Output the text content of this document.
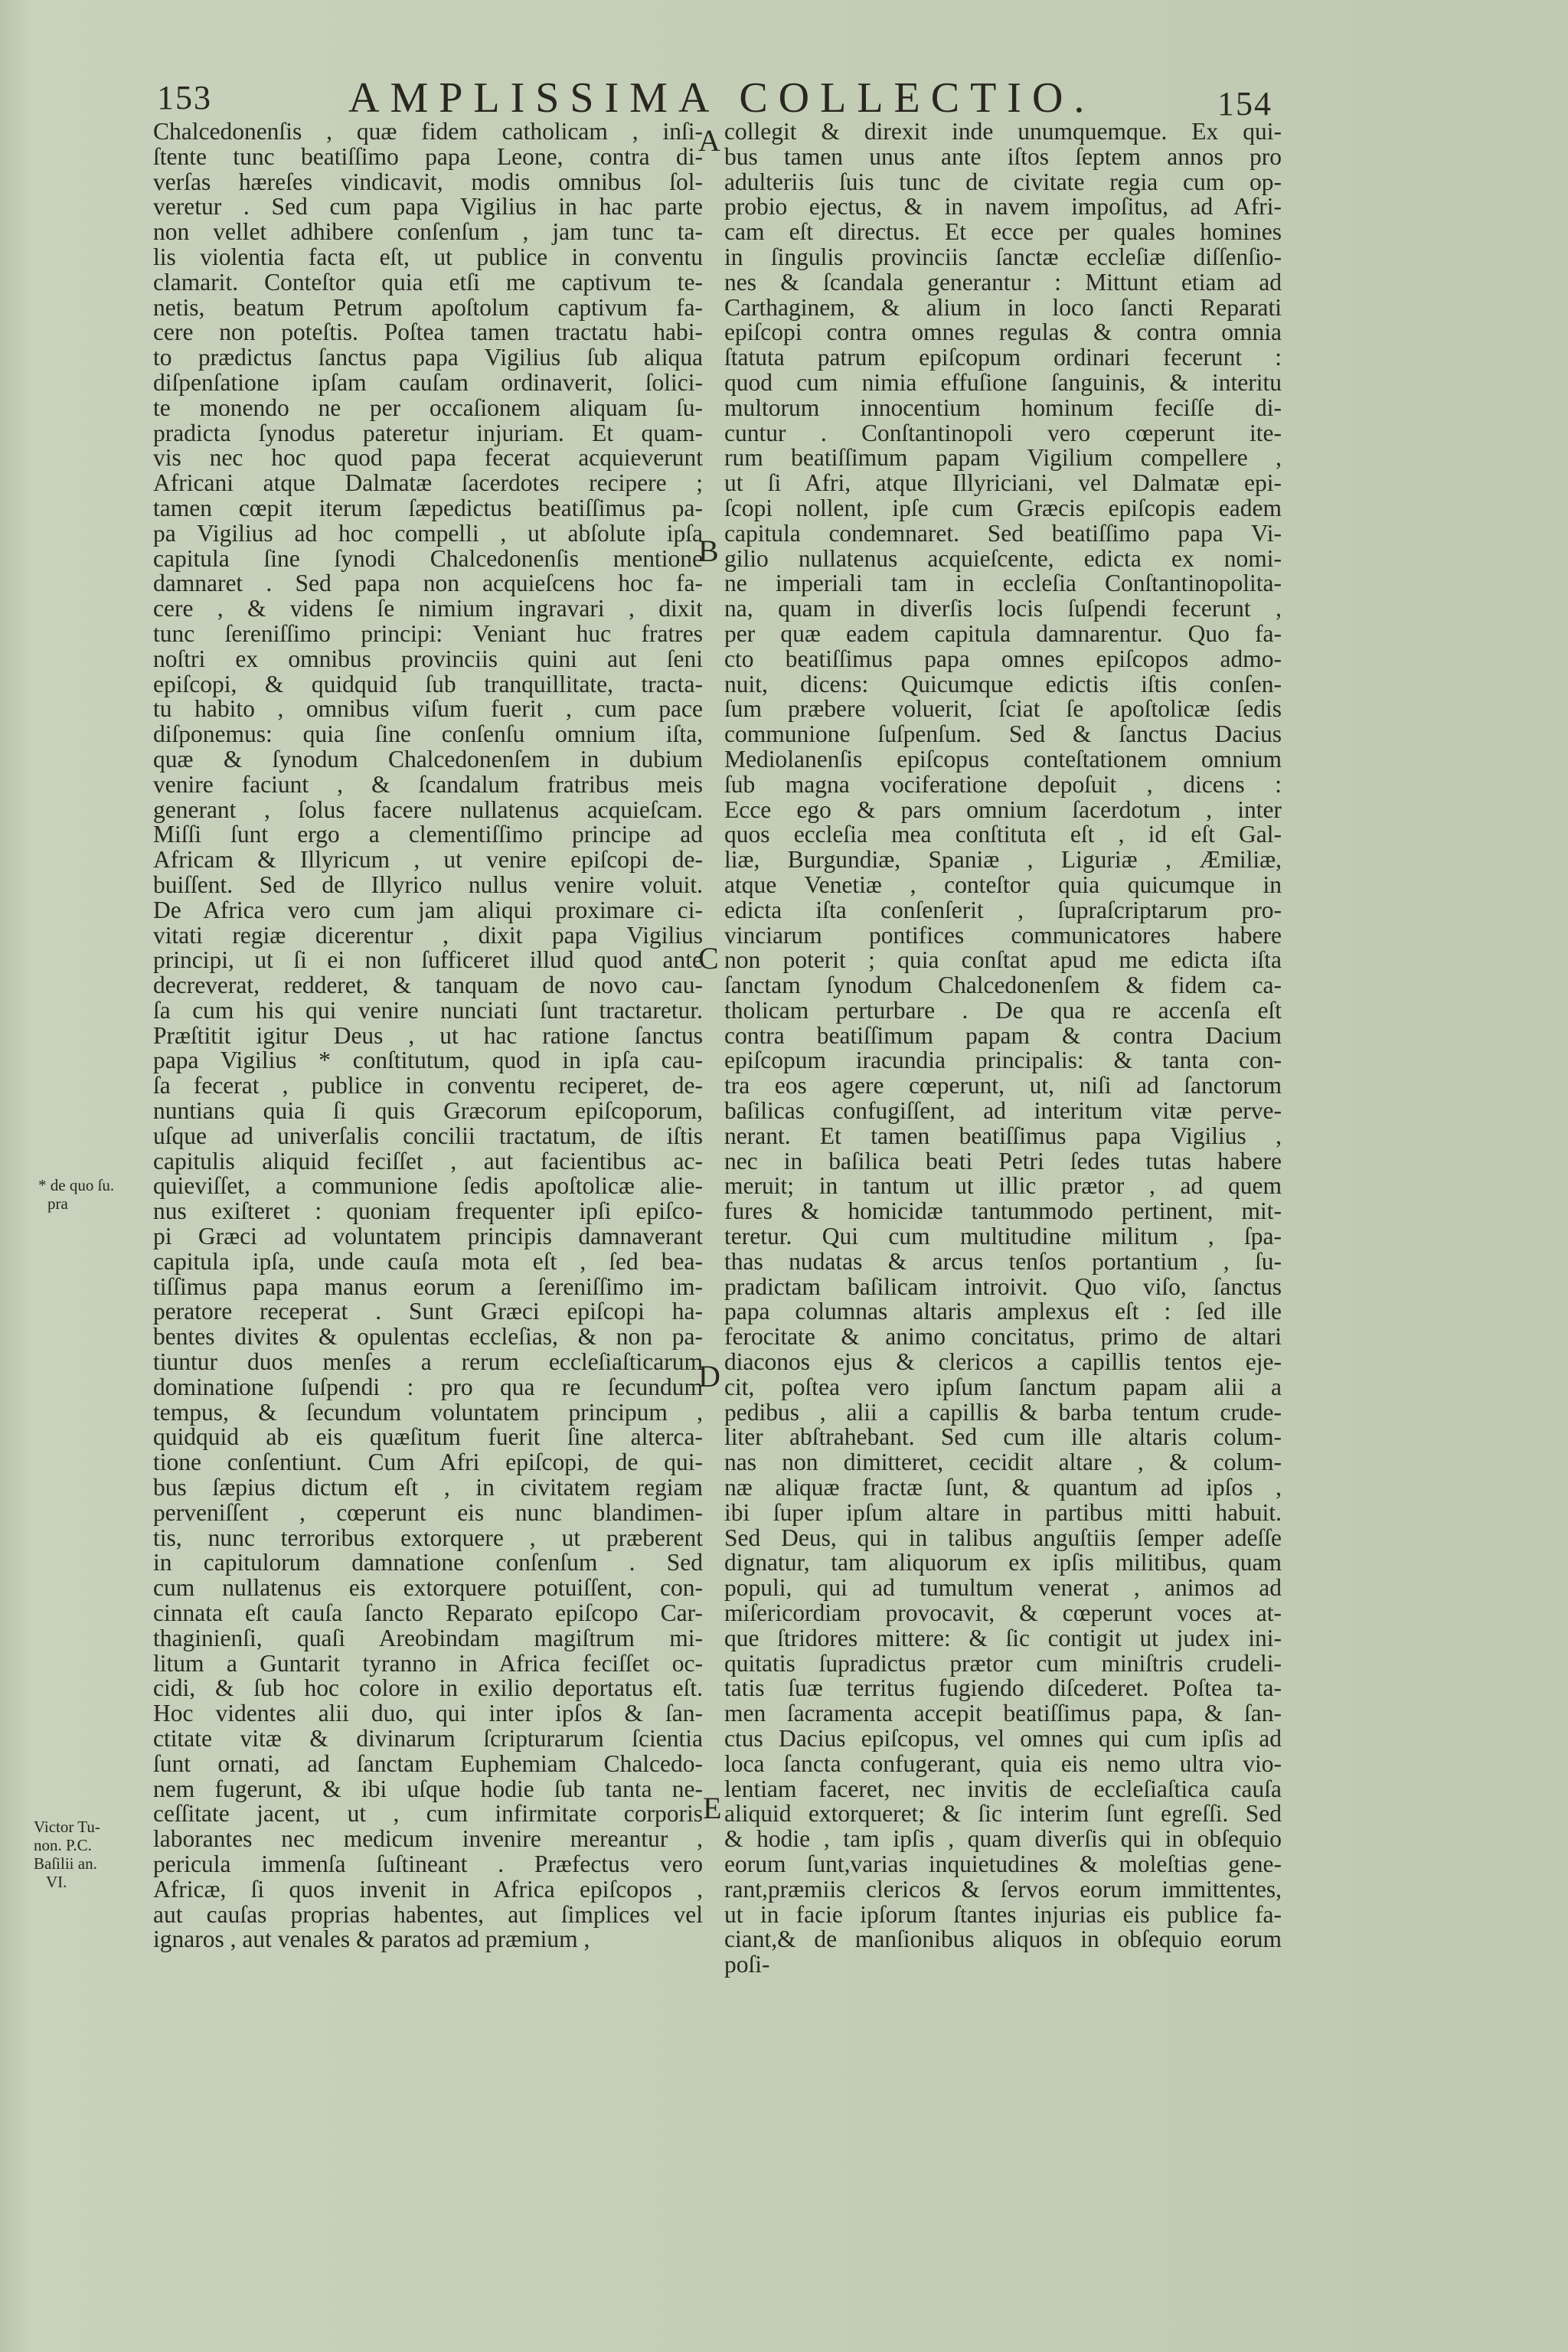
153	AMPLISSIMA COLLECTIO.	154
Chalcedonenſis , quæ fidem catholicam , inſi-
ſtente tunc beatiſſimo papa Leone, contra di-
verſas hæreſes vindicavit, modis omnibus ſol-
veretur . Sed cum papa Vigilius in hac parte
non vellet adhibere conſenſum , jam tunc ta-
lis violentia facta eſt, ut publice in conventu
clamarit. Conteſtor quia etſi me captivum te-
netis, beatum Petrum apoſtolum captivum fa-
cere non poteſtis. Poſtea tamen tractatu habi-
to prædictus ſanctus papa Vigilius ſub aliqua
diſpenſatione ipſam cauſam ordinaverit, ſolici-
te monendo ne per occaſionem aliquam ſu-
pradicta ſynodus pateretur injuriam. Et quam-
vis nec hoc quod papa fecerat acquieverunt
Africani atque Dalmatæ ſacerdotes recipere ;
tamen cœpit iterum ſæpedictus beatiſſimus pa-
pa Vigilius ad hoc compelli , ut abſolute ipſa
capitula ſine ſynodi Chalcedonenſis mentione
damnaret . Sed papa non acquieſcens hoc fa-
cere , & videns ſe nimium ingravari , dixit
tunc ſereniſſimo principi: Veniant huc fratres
noſtri ex omnibus provinciis quini aut ſeni
epiſcopi, & quidquid ſub tranquillitate, tracta-
tu habito , omnibus viſum fuerit , cum pace
diſponemus: quia ſine conſenſu omnium iſta,
quæ & ſynodum Chalcedonenſem in dubium
venire faciunt , & ſcandalum fratribus meis
generant , ſolus facere nullatenus acquieſcam.
Miſſi ſunt ergo a clementiſſimo principe ad
Africam & Illyricum , ut venire epiſcopi de-
buiſſent. Sed de Illyrico nullus venire voluit.
De Africa vero cum jam aliqui proximare ci-
vitati regiæ dicerentur , dixit papa Vigilius
principi, ut ſi ei non ſufficeret illud quod ante
decreverat, redderet, & tanquam de novo cau-
ſa cum his qui venire nunciati ſunt tractaretur.
Præſtitit igitur Deus , ut hac ratione ſanctus
papa Vigilius * conſtitutum, quod in ipſa cau-
ſa fecerat , publice in conventu reciperet, de-
nuntians quia ſi quis Græcorum epiſcoporum,
uſque ad univerſalis concilii tractatum, de iſtis
capitulis aliquid feciſſet , aut facientibus ac-
quieviſſet, a communione ſedis apoſtolicæ alie-
nus exiſteret : quoniam frequenter ipſi epiſco-
pi Græci ad voluntatem principis damnaverant
capitula ipſa, unde cauſa mota eſt , ſed bea-
tiſſimus papa manus eorum a ſereniſſimo im-
peratore receperat . Sunt Græci epiſcopi ha-
bentes divites & opulentas eccleſias, & non pa-
tiuntur duos menſes a rerum eccleſiaſticarum
dominatione ſuſpendi : pro qua re ſecundum
tempus, & ſecundum voluntatem principum ,
quidquid ab eis quæſitum fuerit ſine alterca-
tione conſentiunt. Cum Afri epiſcopi, de qui-
bus ſæpius dictum eſt , in civitatem regiam
perveniſſent , cœperunt eis nunc blandimen-
tis, nunc terroribus extorquere , ut præberent
in capitulorum damnatione conſenſum . Sed
cum nullatenus eis extorquere potuiſſent, con-
cinnata eſt cauſa ſancto Reparato epiſcopo Car-
thaginienſi, quaſi Areobindam magiſtrum mi-
litum a Guntarit tyranno in Africa feciſſet oc-
cidi, & ſub hoc colore in exilio deportatus eſt.
Hoc videntes alii duo, qui inter ipſos & ſan-
ctitate vitæ & divinarum ſcripturarum ſcientia
ſunt ornati, ad ſanctam Euphemiam Chalcedo-
nem fugerunt, & ibi uſque hodie ſub tanta ne-
ceſſitate jacent, ut , cum infirmitate corporis
laborantes nec medicum invenire mereantur ,
pericula immenſa ſuſtineant . Præfectus vero
Africæ, ſi quos invenit in Africa epiſcopos ,
aut cauſas proprias habentes, aut ſimplices vel
ignaros , aut venales & paratos ad præmium ,
collegit & direxit inde unumquemque. Ex qui-
bus tamen unus ante iſtos ſeptem annos pro
adulteriis ſuis tunc de civitate regia cum op-
probio ejectus, & in navem impoſitus, ad Afri-
cam eſt directus. Et ecce per quales homines
in ſingulis provinciis ſanctæ eccleſiæ diſſenſio-
nes & ſcandala generantur : Mittunt etiam ad
Carthaginem, & alium in loco ſancti Reparati
epiſcopi contra omnes regulas & contra omnia
ſtatuta patrum epiſcopum ordinari fecerunt :
quod cum nimia effuſione ſanguinis, & interitu
multorum innocentium hominum feciſſe di-
cuntur . Conſtantinopoli vero cœperunt ite-
rum beatiſſimum papam Vigilium compellere ,
ut ſi Afri, atque Illyriciani, vel Dalmatæ epi-
ſcopi nollent, ipſe cum Græcis epiſcopis eadem
capitula condemnaret. Sed beatiſſimo papa Vi-
gilio nullatenus acquieſcente, edicta ex nomi-
ne imperiali tam in eccleſia Conſtantinopolita-
na, quam in diverſis locis ſuſpendi fecerunt ,
per quæ eadem capitula damnarentur. Quo fa-
cto beatiſſimus papa omnes epiſcopos admo-
nuit, dicens: Quicumque edictis iſtis conſen-
ſum præbere voluerit, ſciat ſe apoſtolicæ ſedis
communione ſuſpenſum. Sed & ſanctus Dacius
Mediolanenſis epiſcopus conteſtationem omnium
ſub magna vociferatione depoſuit , dicens :
Ecce ego & pars omnium ſacerdotum , inter
quos eccleſia mea conſtituta eſt , id eſt Gal-
liæ, Burgundiæ, Spaniæ , Liguriæ , Æmiliæ,
atque Venetiæ , conteſtor quia quicumque in
edicta iſta conſenſerit , ſupraſcriptarum pro-
vinciarum pontifices communicatores habere
non poterit ; quia conſtat apud me edicta iſta
ſanctam ſynodum Chalcedonenſem & fidem ca-
tholicam perturbare . De qua re accenſa eſt
contra beatiſſimum papam & contra Dacium
epiſcopum iracundia principalis: & tanta con-
tra eos agere cœperunt, ut, niſi ad ſanctorum
baſilicas confugiſſent, ad interitum vitæ perve-
nerant. Et tamen beatiſſimus papa Vigilius ,
nec in baſilica beati Petri ſedes tutas habere
meruit; in tantum ut illic prætor , ad quem
fures & homicidæ tantummodo pertinent, mit-
teretur. Qui cum multitudine militum , ſpa-
thas nudatas & arcus tenſos portantium , ſu-
pradictam baſilicam introivit. Quo viſo, ſanctus
papa columnas altaris amplexus eſt : ſed ille
ferocitate & animo concitatus, primo de altari
diaconos ejus & clericos a capillis tentos eje-
cit, poſtea vero ipſum ſanctum papam alii a
pedibus , alii a capillis & barba tentum crude-
liter abſtrahebant. Sed cum ille altaris colum-
nas non dimitteret, cecidit altare , & colum-
næ aliquæ fractæ ſunt, & quantum ad ipſos ,
ibi ſuper ipſum altare in partibus mitti habuit.
Sed Deus, qui in talibus anguſtiis ſemper adeſſe
dignatur, tam aliquorum ex ipſis militibus, quam
populi, qui ad tumultum venerat , animos ad
miſericordiam provocavit, & cœperunt voces at-
que ſtridores mittere: & ſic contigit ut judex ini-
quitatis ſupradictus prætor cum miniſtris crudeli-
tatis ſuæ territus fugiendo diſcederet. Poſtea ta-
men ſacramenta accepit beatiſſimus papa, & ſan-
ctus Dacius epiſcopus, vel omnes qui cum ipſis ad
loca ſancta confugerant, quia eis nemo ultra vio-
lentiam faceret, nec invitis de eccleſiaſtica cauſa
aliquid extorqueret; & ſic interim ſunt egreſſi. Sed
& hodie , tam ipſis , quam diverſis qui in obſequio
eorum ſunt,varias inquietudines & moleſtias gene-
rant,præmiis clericos & ſervos eorum immittentes,
ut in facie ipſorum ſtantes injurias eis publice fa-
ciant,& de manſionibus aliquos in obſequio eorum
poſi-
A
B
C
D
E
* de quo ſu.
pra
Victor Tu-
non. P.C.
Baſilii an.
VI.
